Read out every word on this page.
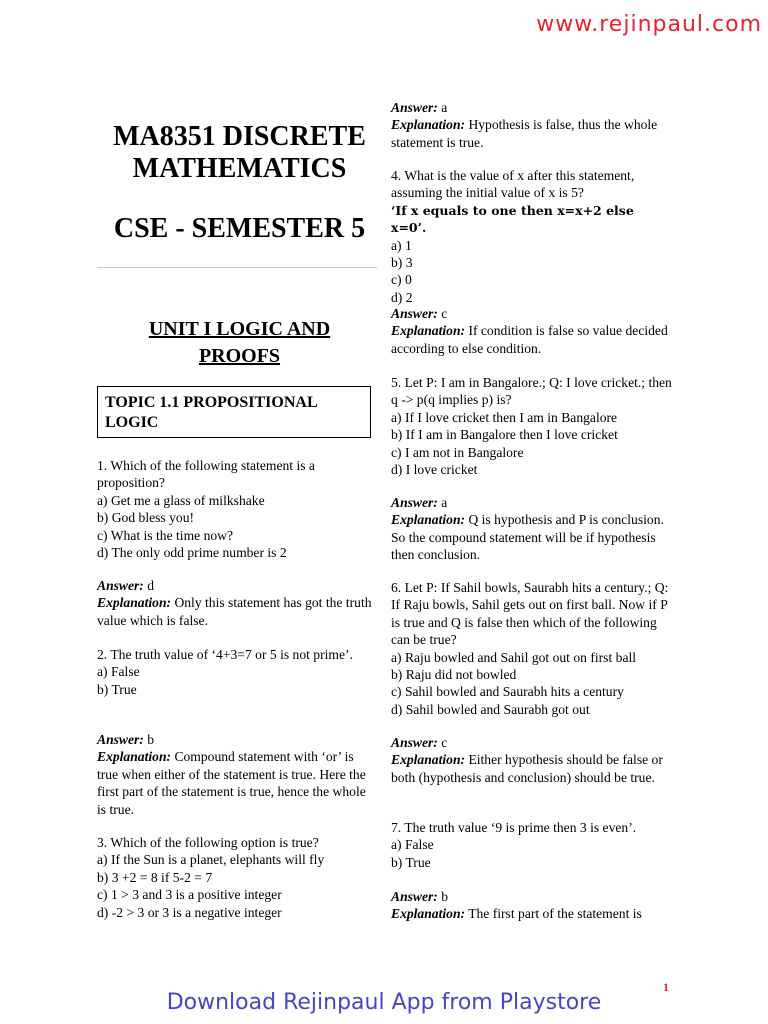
www.rejinpaul.com
MA8351 DISCRETE
MATHEMATICS
CSE - SEMESTER 5
UNIT I LOGIC AND
PROOFS
TOPIC 1.1 PROPOSITIONAL LOGIC

1. Which of the following statement is a proposition?

a) Get me a glass of milkshake

b) God bless you!

c) What is the time now?

d) The only odd prime number is 2

Answer: d

Explanation: Only this statement has got the truth value which is false.

2. The truth value of ‘4+3=7 or 5 is not prime’.

a) False

b) True

Answer: b

Explanation: Compound statement with ‘or’ is true when either of the statement is true. Here the first part of the statement is true, hence the whole is true.

3. Which of the following option is true?

a) If the Sun is a planet, elephants will fly

b) 3 +2 = 8 if 5-2 = 7

c) 1 > 3 and 3 is a positive integer

d) -2 > 3 or 3 is a negative integer

Answer: a

Explanation: Hypothesis is false, thus the whole statement is true.

4. What is the value of x after this statement, assuming the initial value of x is 5?

‘If x equals to one then x=x+2 else x=0’.

a) 1

b) 3

c) 0

d) 2

Answer: c

Explanation: If condition is false so value decided according to else condition.

5. Let P: I am in Bangalore.; Q: I love cricket.; then q -> p(q implies p) is?

a) If I love cricket then I am in Bangalore

b) If I am in Bangalore then I love cricket

c) I am not in Bangalore

d) I love cricket

Answer: a

Explanation: Q is hypothesis and P is conclusion. So the compound statement will be if hypothesis then conclusion.

6. Let P: If Sahil bowls, Saurabh hits a century.; Q: If Raju bowls, Sahil gets out on first ball. Now if P is true and Q is false then which of the following can be true?

a) Raju bowled and Sahil got out on first ball

b) Raju did not bowled

c) Sahil bowled and Saurabh hits a century

d) Sahil bowled and Saurabh got out

Answer: c

Explanation: Either hypothesis should be false or both (hypothesis and conclusion) should be true.

7. The truth value ‘9 is prime then 3 is even’.

a) False

b) True

Answer: b

Explanation: The first part of the statement is

1
Download Rejinpaul App from Playstore
